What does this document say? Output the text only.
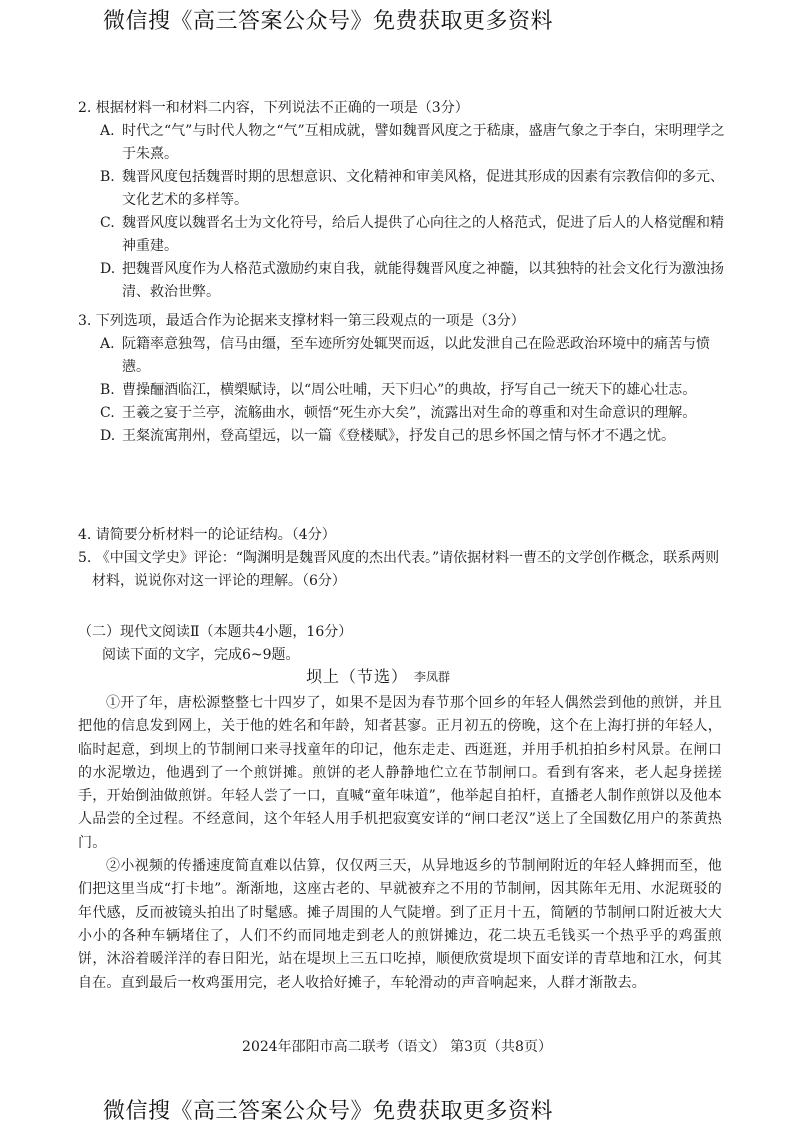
微信搜《高三答案公众号》免费获取更多资料

2. 根据材料一和材料二内容，下列说法不正确的一项是（3分）

A. 时代之“气”与时代人物之“气”互相成就，譬如魏晋风度之于嵇康，盛唐气象之于李白，宋明理学之于朱熹。

B. 魏晋风度包括魏晋时期的思想意识、文化精神和审美风格，促进其形成的因素有宗教信仰的多元、文化艺术的多样等。

C. 魏晋风度以魏晋名士为文化符号，给后人提供了心向往之的人格范式，促进了后人的人格觉醒和精神重建。

D. 把魏晋风度作为人格范式激励约束自我，就能得魏晋风度之神髓，以其独特的社会文化行为激浊扬清、救治世弊。

3. 下列选项，最适合作为论据来支撑材料一第三段观点的一项是（3分）

A. 阮籍率意独驾，信马由缰，至车迹所穷处辄哭而返，以此发泄自己在险恶政治环境中的痛苦与愤懑。

B. 曹操酾酒临江，横槊赋诗，以“周公吐哺，天下归心”的典故，抒写自己一统天下的雄心壮志。

C. 王羲之宴于兰亭，流觞曲水，顿悟“死生亦大矣”，流露出对生命的尊重和对生命意识的理解。

D. 王粲流寓荆州，登高望远，以一篇《登楼赋》，抒发自己的思乡怀国之情与怀才不遇之忧。

4. 请简要分析材料一的论证结构。（4分）

5. 《中国文学史》评论：“陶渊明是魏晋风度的杰出代表。”请依据材料一曹丕的文学创作概念，联系两则材料，说说你对这一评论的理解。（6分）

（二）现代文阅读Ⅱ（本题共4小题，16分）
阅读下面的文字，完成6~9题。
坝上（节选） 李凤群

①开了年，唐松源整整七十四岁了，如果不是因为春节那个回乡的年轻人偶然尝到他的煎饼，并且把他的信息发到网上，关于他的姓名和年龄，知者甚寥。正月初五的傍晚，这个在上海打拼的年轻人，临时起意，到坝上的节制闸口来寻找童年的印记，他东走走、西逛逛，并用手机拍拍乡村风景。在闸口的水泥墩边，他遇到了一个煎饼摊。煎饼的老人静静地伫立在节制闸口。看到有客来，老人起身搓搓手，开始倒油做煎饼。年轻人尝了一口，直喊“童年味道”，他举起自拍杆，直播老人制作煎饼以及他本人品尝的全过程。不经意间，这个年轻人用手机把寂寞安详的“闸口老汉”送上了全国数亿用户的茶黄热门。

②小视频的传播速度简直难以估算，仅仅两三天，从异地返乡的节制闸附近的年轻人蜂拥而至，他们把这里当成“打卡地”。渐渐地，这座古老的、早就被弃之不用的节制闸，因其陈年无用、水泥斑驳的年代感，反而被镜头拍出了时髦感。摊子周围的人气陡增。到了正月十五，简陋的节制闸口附近被大大小小的各种车辆堵住了，人们不约而同地走到老人的煎饼摊边，花二块五毛钱买一个热乎乎的鸡蛋煎饼，沐浴着暖洋洋的春日阳光，站在堤坝上三五口吃掉，顺便欣赏堤坝下面安详的青草地和江水，何其自在。直到最后一枚鸡蛋用完，老人收拾好摊子，车轮滑动的声音响起来，人群才渐散去。

2024年邵阳市高二联考（语文） 第3页（共8页）
微信搜《高三答案公众号》免费获取更多资料
